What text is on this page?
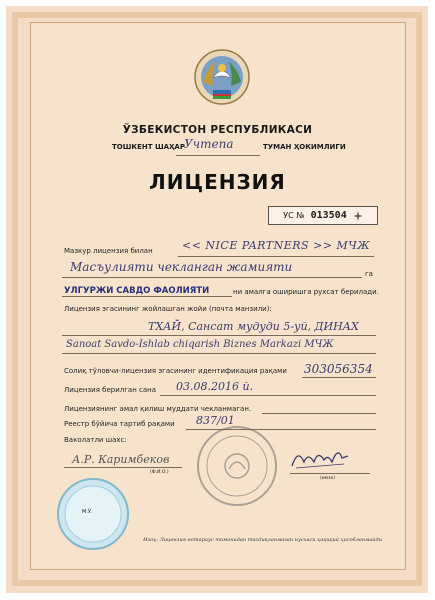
ЎЗБЕКИСТОН РЕСПУБЛИКАСИ
ТОШКЕНТ ШАҲАР Учтепа	ТУМАН ҲОКИМЛИГИ
ЛИЦЕНЗИЯ
УС № 013504
Мазкур лицензия билан	<< NICE PARTNERS >> МЧЖ
Масъулияти чекланган жамияти	га
УЛГУРЖИ САВДО ФАОЛИЯТИ	ни амалга оширишга рухсат берилади.
Лицензия эгасининг жойлашган жойи (почта манзили):
ТХАЙ, Сансат мудуди 5-уй, ДИНАХ
Sanoat Savdo-Ishlab chiqarish Biznes Markazi МЧЖ
Солиқ тўловчи-лицензия эгасининг идентификация рақами 303056354
Лицензия берилган сана 03.08.2016 й.
Лицензиянинг амал қилиш муддати чекланмаган.
Реестр бўйича тартиб рақами 837/01
Ваколатли шахс:
А.Р. Каримбеков
(Ф.И.О.)
(имзо)
М.Ў.
Изоҳ: Лицензия нотариус томонидан тасдиқланмаган нусхаси ҳақиқий ҳисобланмайди
